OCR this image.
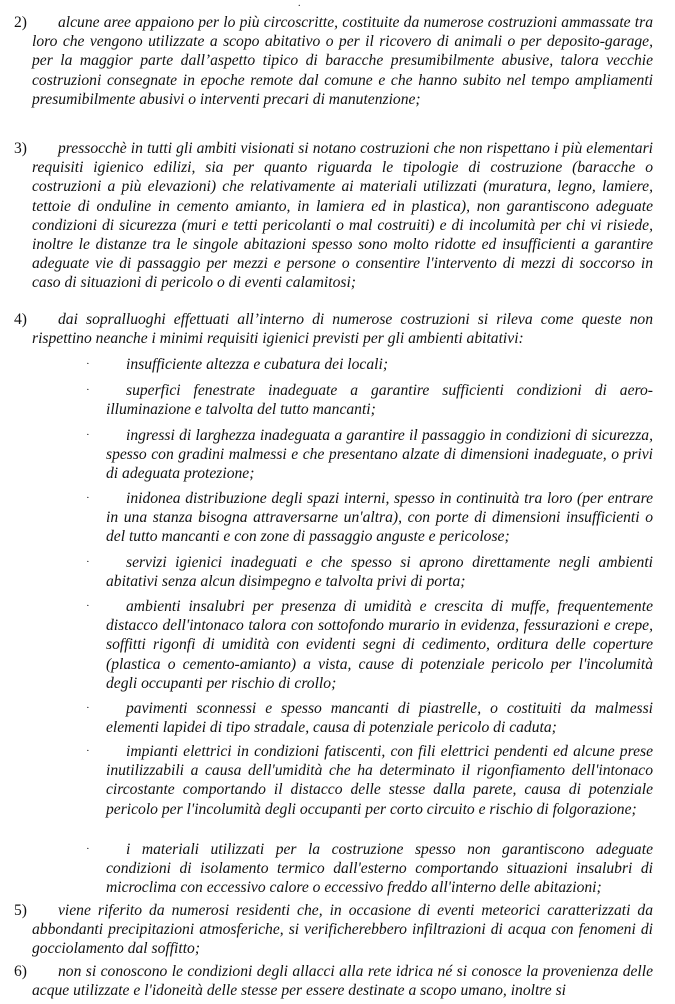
.
2)	alcune aree appaiono per lo più circoscritte, costituite da numerose costruzioni ammassate tra loro che vengono utilizzate a scopo abitativo o per il ricovero di animali o per deposito-garage, per la maggior parte dall’aspetto tipico di baracche presumibilmente abusive, talora vecchie costruzioni consegnate in epoche remote dal comune e che hanno subito nel tempo ampliamenti presumibilmente abusivi o interventi precari di manutenzione;
3)	pressocchè in tutti gli ambiti visionati si notano costruzioni che non rispettano i più elementari requisiti igienico edilizi, sia per quanto riguarda le tipologie di costruzione (baracche o costruzioni a più elevazioni) che relativamente ai materiali utilizzati (muratura, legno, lamiere, tettoie di onduline in cemento amianto, in lamiera ed in plastica), non garantiscono adeguate condizioni di sicurezza (muri e tetti pericolanti o mal costruiti) e di incolumità per chi vi risiede, inoltre le distanze tra le singole abitazioni spesso sono molto ridotte ed insufficienti a garantire adeguate vie di passaggio per mezzi e persone o consentire l'intervento di mezzi di soccorso in caso di situazioni di pericolo o di eventi calamitosi;
4)	dai sopralluoghi effettuati all’interno di numerose costruzioni si rileva come queste non rispettino neanche i minimi requisiti igienici previsti per gli ambienti abitativi:
·	insufficiente altezza e cubatura dei locali;
·	superfici fenestrate inadeguate a garantire sufficienti condizioni di aero-illuminazione e talvolta del tutto mancanti;
·	ingressi di larghezza inadeguata a garantire il passaggio in condizioni di sicurezza, spesso con gradini malmessi e che presentano alzate di dimensioni inadeguate, o privi di adeguata protezione;
·	inidonea distribuzione degli spazi interni, spesso in continuità tra loro (per entrare in una stanza bisogna attraversarne un'altra), con porte di dimensioni insufficienti o del tutto mancanti e con zone di passaggio anguste e pericolose;
·	servizi igienici inadeguati e che spesso si aprono direttamente negli ambienti abitativi senza alcun disimpegno e talvolta privi di porta;
·	ambienti insalubri per presenza di umidità e crescita di muffe, frequentemente distacco dell'intonaco talora con sottofondo murario in evidenza, fessurazioni e crepe, soffitti rigonfi di umidità con evidenti segni di cedimento, orditura delle coperture (plastica o cemento-amianto) a vista, cause di potenziale pericolo per l'incolumità degli occupanti per rischio di crollo;
·	pavimenti sconnessi e spesso mancanti di piastrelle, o costituiti da malmessi elementi lapidei di tipo stradale, causa di potenziale pericolo di caduta;
·	impianti elettrici in condizioni fatiscenti, con fili elettrici pendenti ed alcune prese inutilizzabili a causa dell'umidità che ha determinato il rigonfiamento dell'intonaco circostante comportando il distacco delle stesse dalla parete, causa di potenziale pericolo per l'incolumità degli occupanti per corto circuito e rischio di folgorazione;
·	i materiali utilizzati per la costruzione spesso non garantiscono adeguate condizioni di isolamento termico dall'esterno comportando situazioni insalubri di microclima con eccessivo calore o eccessivo freddo all'interno delle abitazioni;
5)	viene riferito da numerosi residenti che, in occasione di eventi meteorici caratterizzati da abbondanti precipitazioni atmosferiche, si verificherebbero infiltrazioni di acqua con fenomeni di gocciolamento dal soffitto;
6)	non si conoscono le condizioni degli allacci alla rete idrica né si conosce la provenienza delle acque utilizzate e l'idoneità delle stesse per essere destinate a scopo umano, inoltre si
